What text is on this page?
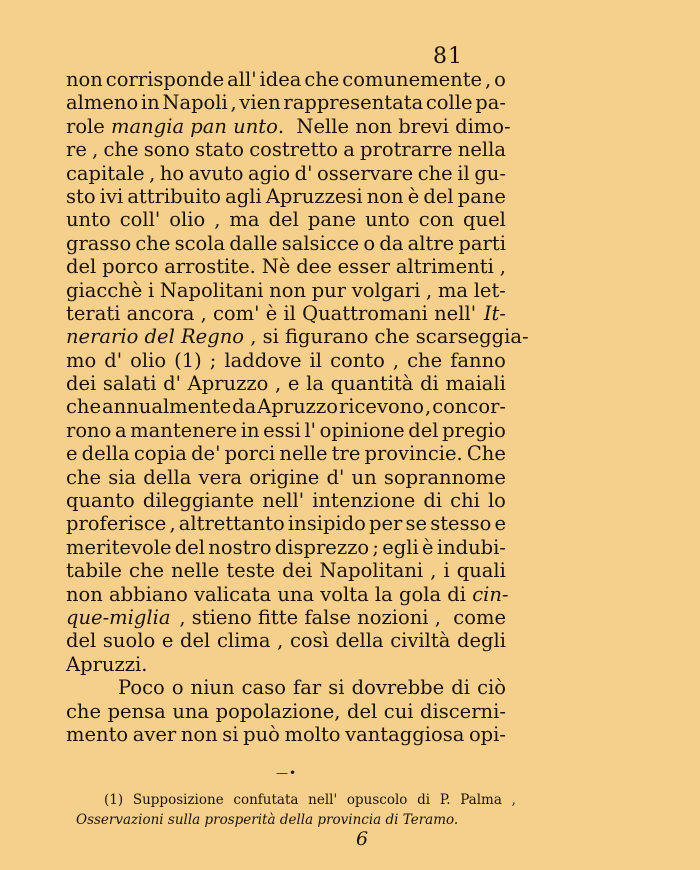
81
non corrisponde all' idea che comunemente , o
almeno in Napoli , vien rappresentata colle pa-
role mangia pan unto .  Nelle non brevi dimo-
re , che sono stato costretto a protrarre nella
capitale , ho avuto agio d' osservare che il gu-
sto ivi attribuito agli Apruzzesi non è del pane
unto coll' olio , ma del pane unto con quel
grasso che scola dalle salsicce o da altre parti
del porco arrostite. Nè dee esser altrimenti ,
giacchè i Napolitani non pur volgari , ma let-
terati ancora , com' è il Quattromani nell' It-
nerario del Regno , si figurano che scarseggia-
mo d' olio (1) ; laddove il conto , che fanno
dei salati d' Apruzzo , e la quantità di maiali
che annualmente da Apruzzo ricevono , concor-
rono a mantenere in essi l' opinione del pregio
e della copia de' porci nelle tre provincie. Che
che sia della vera origine d' un soprannome
quanto dileggiante nell' intenzione di chi lo
proferisce , altrettanto insipido per se stesso e
meritevole del nostro disprezzo ; egli è indubi-
tabile che nelle teste dei Napolitani , i quali
non abbiano valicata una volta la gola di cin-
que-miglia , stieno fitte false nozioni ,  come
del suolo e del clima , così della civiltà degli
Apruzzi.
Poco o niun caso far si dovrebbe di ciò
che pensa una popolazione, del cui discerni-
mento aver non si può molto vantaggiosa opi-
—•
(1) Supposizione confutata nell' opuscolo di P. Palma ,
Osservazioni sulla prosperità della provincia di Teramo.
6
